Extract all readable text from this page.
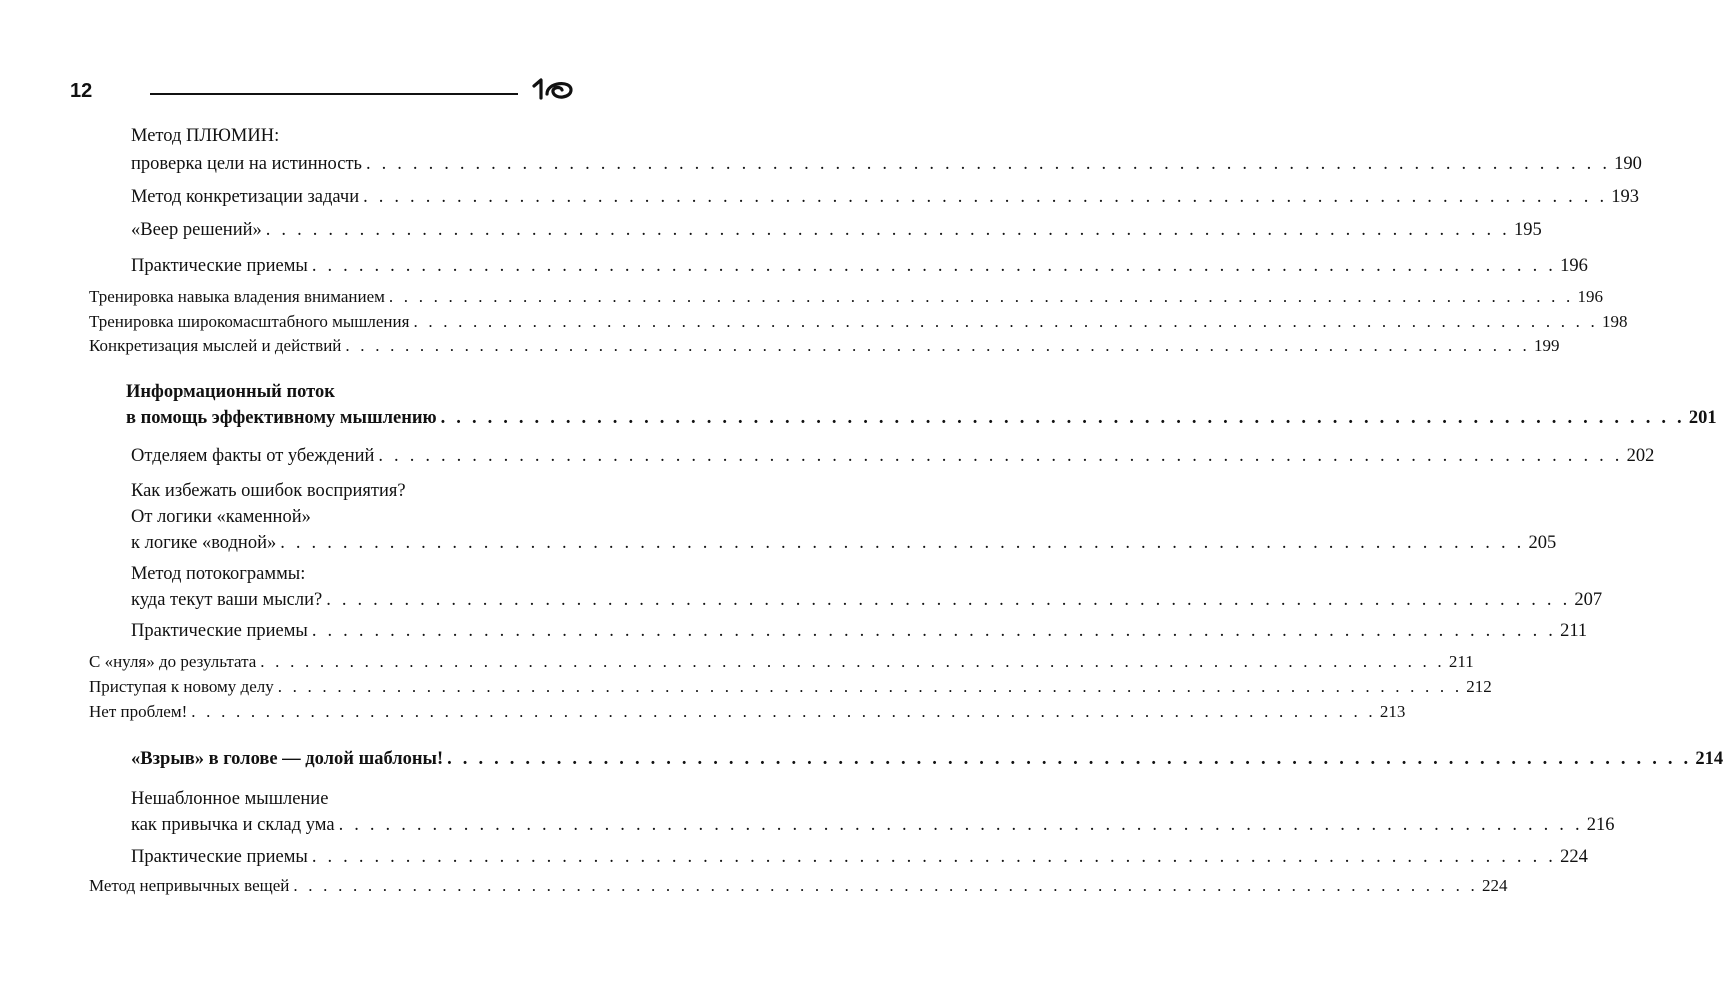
12
Метод ПЛЮМИН:
проверка цели на истинность . . . . . . . . . . . . . . . . . . . . . . . . . . . . . . . . . . . . . . . . . . . . . . . . . . . . . . . . . . . . . . . . . . . . . . . . . . . . . . . . 190
Метод конкретизации задачи . . . . . . . . . . . . . . . . . . . . . . . . . . . . . . . . . . . . . . . . . . . . . . . . . . . . . . . . . . . . . . . . . . . . . . . . . . . . . . . . 193
«Веер решений» . . . . . . . . . . . . . . . . . . . . . . . . . . . . . . . . . . . . . . . . . . . . . . . . . . . . . . . . . . . . . . . . . . . . . . . . . . . . . . . . 195
Практические приемы . . . . . . . . . . . . . . . . . . . . . . . . . . . . . . . . . . . . . . . . . . . . . . . . . . . . . . . . . . . . . . . . . . . . . . . . . . . . . . . . 196
Тренировка навыка владения вниманием . . . . . . . . . . . . . . . . . . . . . . . . . . . . . . . . . . . . . . . . . . . . . . . . . . . . . . . . . . . . . . . . . . . . . . . . . . . . . . . . 196
Тренировка широкомасштабного мышления . . . . . . . . . . . . . . . . . . . . . . . . . . . . . . . . . . . . . . . . . . . . . . . . . . . . . . . . . . . . . . . . . . . . . . . . . . . . . . . . 198
Конкретизация мыслей и действий . . . . . . . . . . . . . . . . . . . . . . . . . . . . . . . . . . . . . . . . . . . . . . . . . . . . . . . . . . . . . . . . . . . . . . . . . . . . . . . . 199
Информационный поток
в помощь эффективному мышлению . . . . . . . . . . . . . . . . . . . . . . . . . . . . . . . . . . . . . . . . . . . . . . . . . . . . . . . . . . . . . . . . . . . . . . . . . . . . . . . . 201
Отделяем факты от убеждений . . . . . . . . . . . . . . . . . . . . . . . . . . . . . . . . . . . . . . . . . . . . . . . . . . . . . . . . . . . . . . . . . . . . . . . . . . . . . . . . 202
Как избежать ошибок восприятия?
От логики «каменной»
к логике «водной» . . . . . . . . . . . . . . . . . . . . . . . . . . . . . . . . . . . . . . . . . . . . . . . . . . . . . . . . . . . . . . . . . . . . . . . . . . . . . . . . 205
Метод потокограммы:
куда текут ваши мысли? . . . . . . . . . . . . . . . . . . . . . . . . . . . . . . . . . . . . . . . . . . . . . . . . . . . . . . . . . . . . . . . . . . . . . . . . . . . . . . . . 207
Практические приемы . . . . . . . . . . . . . . . . . . . . . . . . . . . . . . . . . . . . . . . . . . . . . . . . . . . . . . . . . . . . . . . . . . . . . . . . . . . . . . . . 211
С «нуля» до результата . . . . . . . . . . . . . . . . . . . . . . . . . . . . . . . . . . . . . . . . . . . . . . . . . . . . . . . . . . . . . . . . . . . . . . . . . . . . . . . . 211
Приступая к новому делу . . . . . . . . . . . . . . . . . . . . . . . . . . . . . . . . . . . . . . . . . . . . . . . . . . . . . . . . . . . . . . . . . . . . . . . . . . . . . . . . 212
Нет проблем! . . . . . . . . . . . . . . . . . . . . . . . . . . . . . . . . . . . . . . . . . . . . . . . . . . . . . . . . . . . . . . . . . . . . . . . . . . . . . . . . 213
«Взрыв» в голове — долой шаблоны! . . . . . . . . . . . . . . . . . . . . . . . . . . . . . . . . . . . . . . . . . . . . . . . . . . . . . . . . . . . . . . . . . . . . . . . . . . . . . . . . 214
Нешаблонное мышление
как привычка и склад ума . . . . . . . . . . . . . . . . . . . . . . . . . . . . . . . . . . . . . . . . . . . . . . . . . . . . . . . . . . . . . . . . . . . . . . . . . . . . . . . . 216
Практические приемы . . . . . . . . . . . . . . . . . . . . . . . . . . . . . . . . . . . . . . . . . . . . . . . . . . . . . . . . . . . . . . . . . . . . . . . . . . . . . . . . 224
Метод непривычных вещей . . . . . . . . . . . . . . . . . . . . . . . . . . . . . . . . . . . . . . . . . . . . . . . . . . . . . . . . . . . . . . . . . . . . . . . . . . . . . . . . 224
